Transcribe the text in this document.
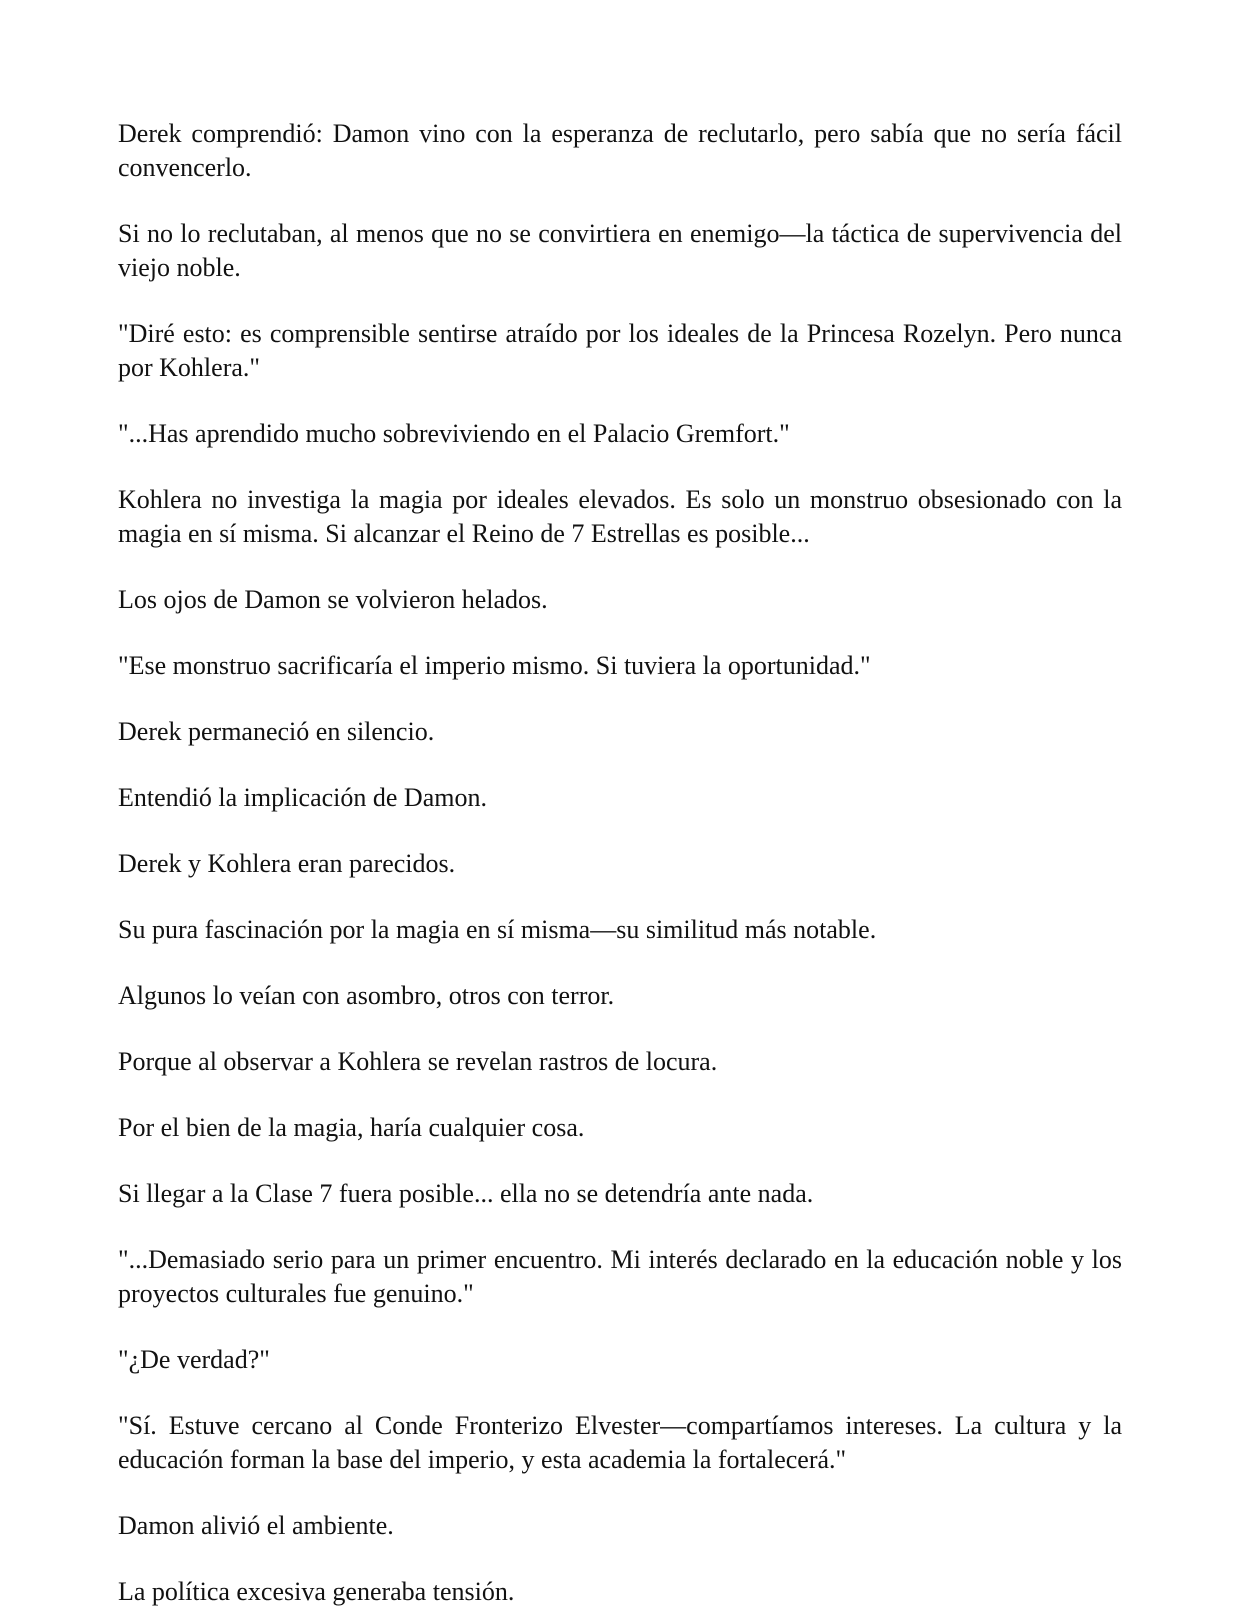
Derek comprendió: Damon vino con la esperanza de reclutarlo, pero sabía que no sería fácil convencerlo.

Si no lo reclutaban, al menos que no se convirtiera en enemigo—la táctica de supervivencia del viejo noble.

"Diré esto: es comprensible sentirse atraído por los ideales de la Princesa Rozelyn. Pero nunca por Kohlera."

"...Has aprendido mucho sobreviviendo en el Palacio Gremfort."

Kohlera no investiga la magia por ideales elevados. Es solo un monstruo obsesionado con la magia en sí misma. Si alcanzar el Reino de 7 Estrellas es posible...

Los ojos de Damon se volvieron helados.

"Ese monstruo sacrificaría el imperio mismo. Si tuviera la oportunidad."

Derek permaneció en silencio.

Entendió la implicación de Damon.

Derek y Kohlera eran parecidos.

Su pura fascinación por la magia en sí misma—su similitud más notable.

Algunos lo veían con asombro, otros con terror.

Porque al observar a Kohlera se revelan rastros de locura.

Por el bien de la magia, haría cualquier cosa.

Si llegar a la Clase 7 fuera posible... ella no se detendría ante nada.

"...Demasiado serio para un primer encuentro. Mi interés declarado en la educación noble y los proyectos culturales fue genuino."

"¿De verdad?"

"Sí. Estuve cercano al Conde Fronterizo Elvester—compartíamos intereses. La cultura y la educación forman la base del imperio, y esta academia la fortalecerá."

Damon alivió el ambiente.

La política excesiva generaba tensión.
